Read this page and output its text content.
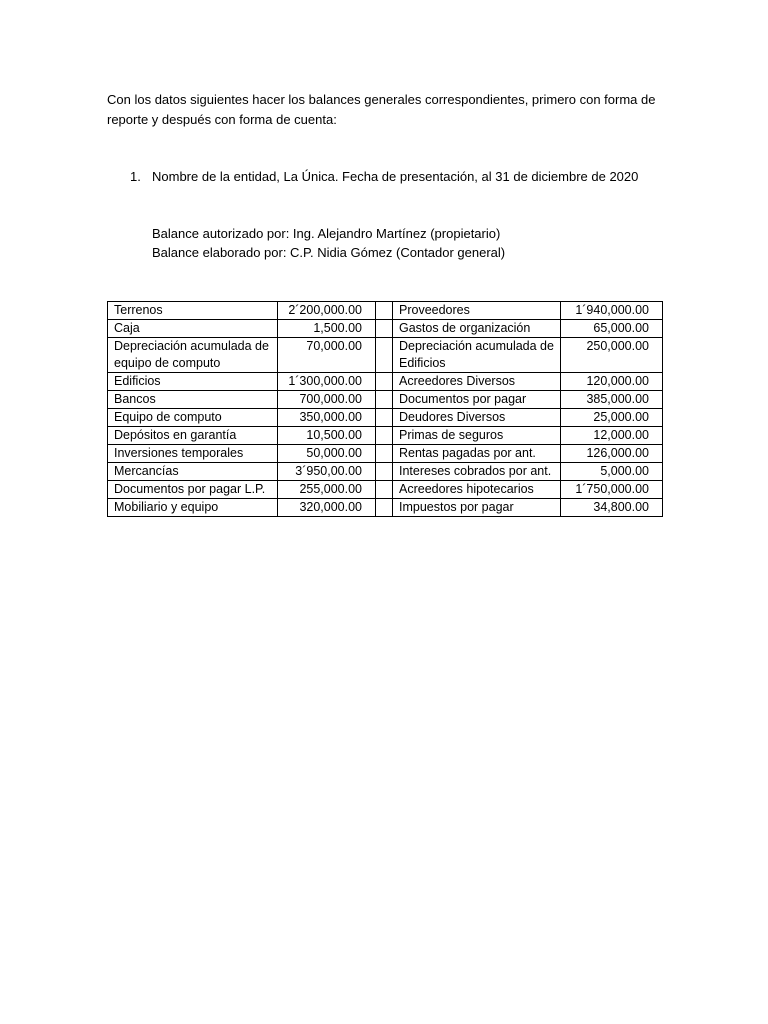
Con los datos siguientes hacer los balances generales correspondientes, primero con forma de reporte y después con forma de cuenta:
1. Nombre de la entidad, La Única. Fecha de presentación, al 31 de diciembre de 2020
Balance autorizado por: Ing. Alejandro Martínez (propietario)
Balance elaborado por: C.P. Nidia Gómez (Contador general)
Terrenos	2´200,000.00		Proveedores	1´940,000.00
Caja	1,500.00		Gastos de organización	65,000.00
Depreciación acumulada de equipo de computo	70,000.00		Depreciación acumulada de Edificios	250,000.00
Edificios	1´300,000.00		Acreedores Diversos	120,000.00
Bancos	700,000.00		Documentos por pagar	385,000.00
Equipo de computo	350,000.00		Deudores Diversos	25,000.00
Depósitos en garantía	10,500.00		Primas de seguros	12,000.00
Inversiones temporales	50,000.00		Rentas pagadas por ant.	126,000.00
Mercancías	3´950,00.00		Intereses cobrados por ant.	5,000.00
Documentos por pagar L.P.	255,000.00		Acreedores hipotecarios	1´750,000.00
Mobiliario y equipo	320,000.00		Impuestos por pagar	34,800.00
